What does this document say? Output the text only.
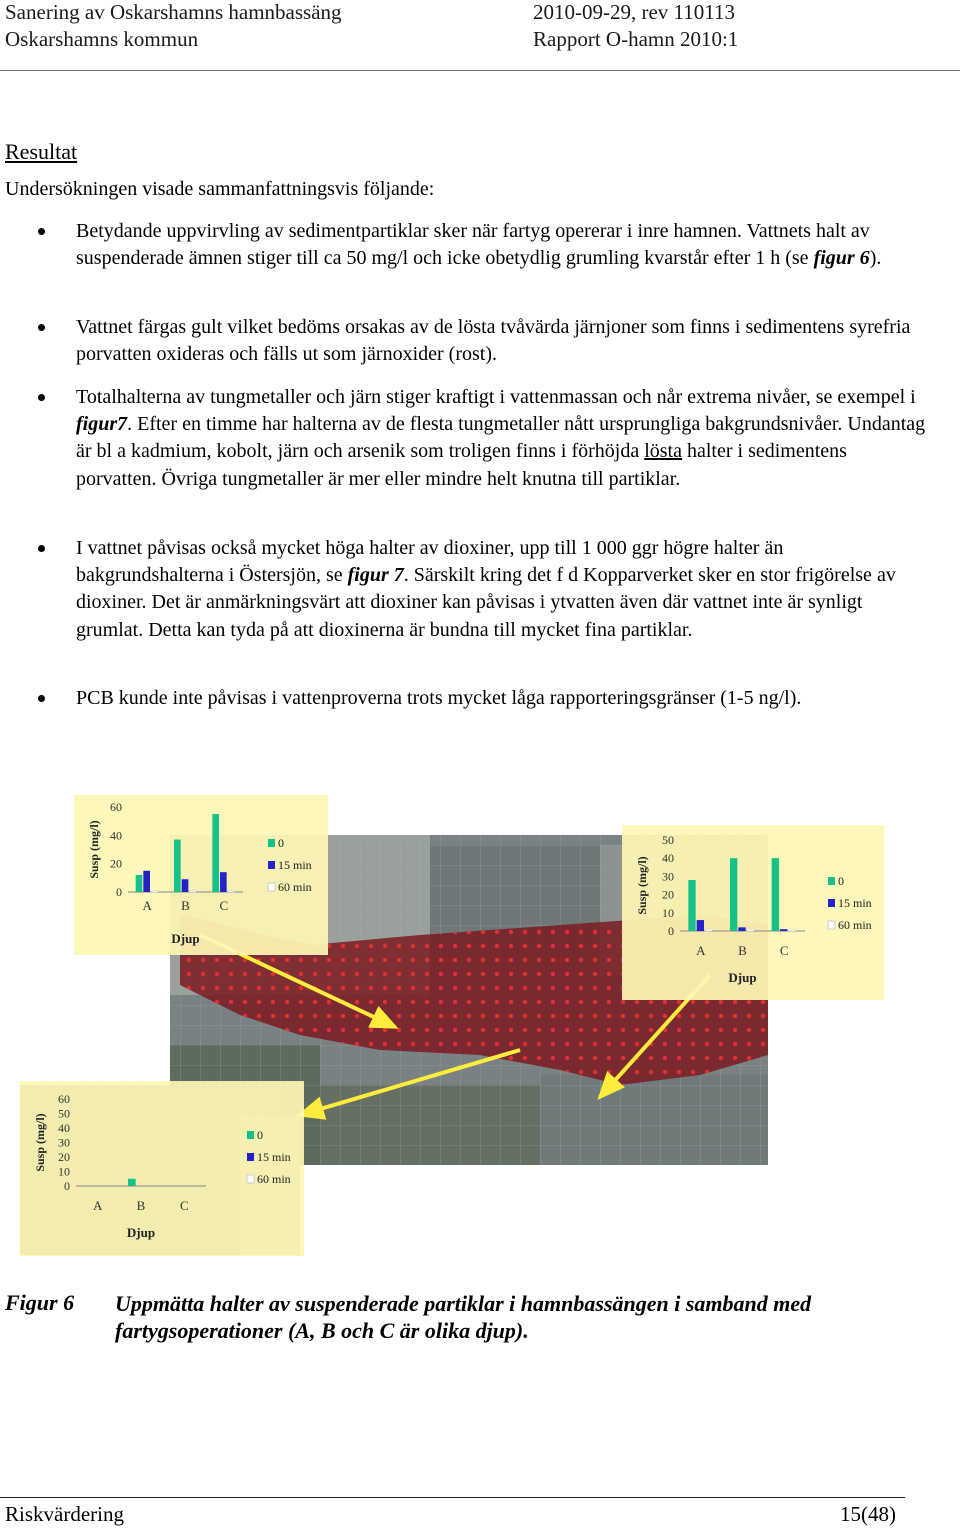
Sanering av Oskarshamns hamnbassäng
Oskarshamns kommun
2010-09-29, rev 110113
Rapport O-hamn 2010:1
Resultat
Undersökningen visade sammanfattningsvis följande:
Betydande uppvirvling av sedimentpartiklar sker när fartyg opererar i inre hamnen. Vattnets halt av suspenderade ämnen stiger till ca 50 mg/l och icke obetydlig grumling kvarstår efter 1 h (se figur 6).
Vattnet färgas gult vilket bedöms orsakas av de lösta tvåvärda järnjoner som finns i sedimentens syrefria porvatten oxideras och fälls ut som järnoxider (rost).
Totalhalterna av tungmetaller och järn stiger kraftigt i vattenmassan och når extrema nivåer, se exempel i figur7. Efter en timme har halterna av de flesta tungmetaller nått ursprungliga bakgrundsnivåer. Undantag är bl a kadmium, kobolt, järn och arsenik som troligen finns i förhöjda lösta halter i sedimentens porvatten. Övriga tungmetaller är mer eller mindre helt knutna till partiklar.
I vattnet påvisas också mycket höga halter av dioxiner, upp till 1 000 ggr högre halter än bakgrundshalterna i Östersjön, se figur 7. Särskilt kring det f d Kopparverket sker en stor frigörelse av dioxiner. Det är anmärkningsvärt att dioxiner kan påvisas i ytvatten även där vattnet inte är synligt grumlat. Detta kan tyda på att dioxinerna är bundna till mycket fina partiklar.
PCB kunde inte påvisas i vattenproverna trots mycket låga rapporteringsgränser (1-5 ng/l).
0
20
40
60
Susp (mg/l)
A B C
Djup
0
15 min
60 min
0
10
20
30
40
50
Susp (mg/l)
A	B	C
Djup
0
15 min
60 min
0
10
20
30
40
50
60
Susp (mg/l)
A	B	C
Djup
0
15 min
60 min
Figur 6 Uppmätta halter av suspenderade partiklar i hamnbassängen i samband med fartygsoperationer (A, B och C är olika djup).
Riskvärdering	15(48)
